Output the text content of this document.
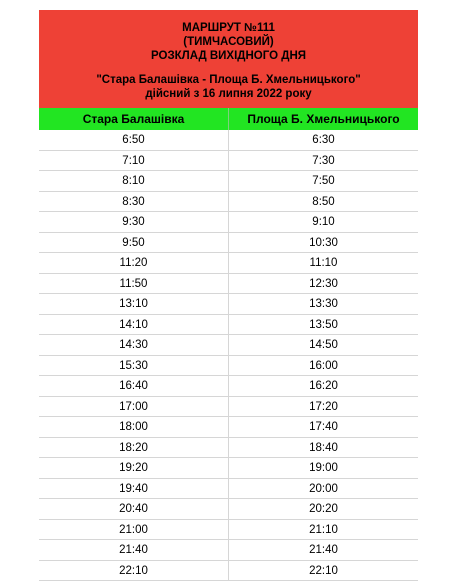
МАРШРУТ №111
(ТИМЧАСОВИЙ)
РОЗКЛАД ВИХІДНОГО ДНЯ
"Стара Балашівка - Площа Б. Хмельницького"
дійсний з 16 липня 2022 року
Стара Балашівка	Площа Б. Хмельницького
6:50	6:30
7:10	7:30
8:10	7:50
8:30	8:50
9:30	9:10
9:50	10:30
11:20	11:10
11:50	12:30
13:10	13:30
14:10	13:50
14:30	14:50
15:30	16:00
16:40	16:20
17:00	17:20
18:00	17:40
18:20	18:40
19:20	19:00
19:40	20:00
20:40	20:20
21:00	21:10
21:40	21:40
22:10	22:10
